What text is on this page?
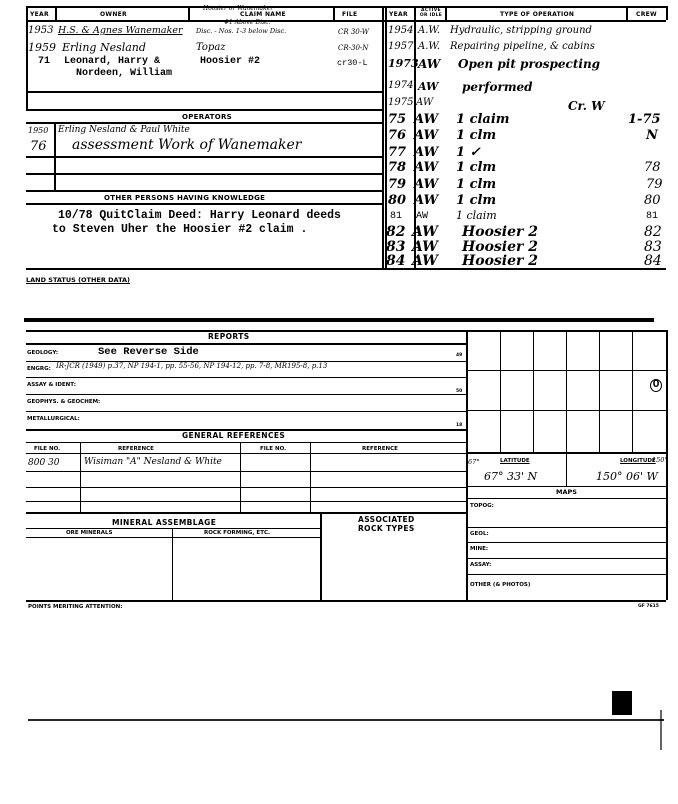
YEAR	OWNER
Hoosier or Wanemaker
CLAIM NAME	FILE	YEAR
ACTIVE OR IDLE	TYPE OF OPERATION	CREW
1953 H.S. & Agnes Wanemaker
#1 Above Disc.
Disc. - Nos. 1-3 below Disc.	CR 30-W
1959 Erling Nesland	Topaz	CR-30-N
71 Leonard, Harry &	Hoosier #2	cr30-L
Nordeen, William
1954 A.W. Hydraulic, stripping ground
1957 A.W. Repairing pipeline, & cabins
1973 AW Open pit prospecting
1974 AW performed
1975 AW	Cr. W
75 AW 1 claim	1-75
76 AW 1 clm	N
77 AW 1 ✓
78 AW 1 clm	78
79 AW 1 clm	79
80 AW 1 clm	80
81 AW	1 claim	81
82 AW Hoosier 2	82
83 AW Hoosier 2	83
84 AW Hoosier 2	84
OPERATORS
1950 Erling Nesland & Paul White
76 assessment Work of Wanemaker
OTHER PERSONS HAVING KNOWLEDGE
10/78 QuitClaim Deed: Harry Leonard deeds
to Steven Uher the Hoosier #2 claim .
LAND STATUS (OTHER DATA)
REPORTS
GEOLOGY:	See Reverse Side	49
ENGRG: IR-JCR (1949) p.37, NP 194-1, pp. 55-56, NP 194-12, pp. 7-8, MR195-8, p.13
ASSAY & IDENT:
50
GEOPHYS. & GEOCHEM:
METALLURGICAL:
18
GENERAL REFERENCES
FILE NO.	REFERENCE	FILE NO.	REFERENCE
800 30	Wisiman "A" Nesland & White
MINERAL ASSEMBLAGE	ASSOCIATED
ROCK TYPES
ORE MINERALS	ROCK FORMING, ETC.
O
67°	LATITUDE	LONGITUDE
150°
67° 33' N	150° 06' W
MAPS
TOPOG:
GEOL:
MINE:
ASSAY:
OTHER (& PHOTOS)
POINTS MERITING ATTENTION:	GF 7615
